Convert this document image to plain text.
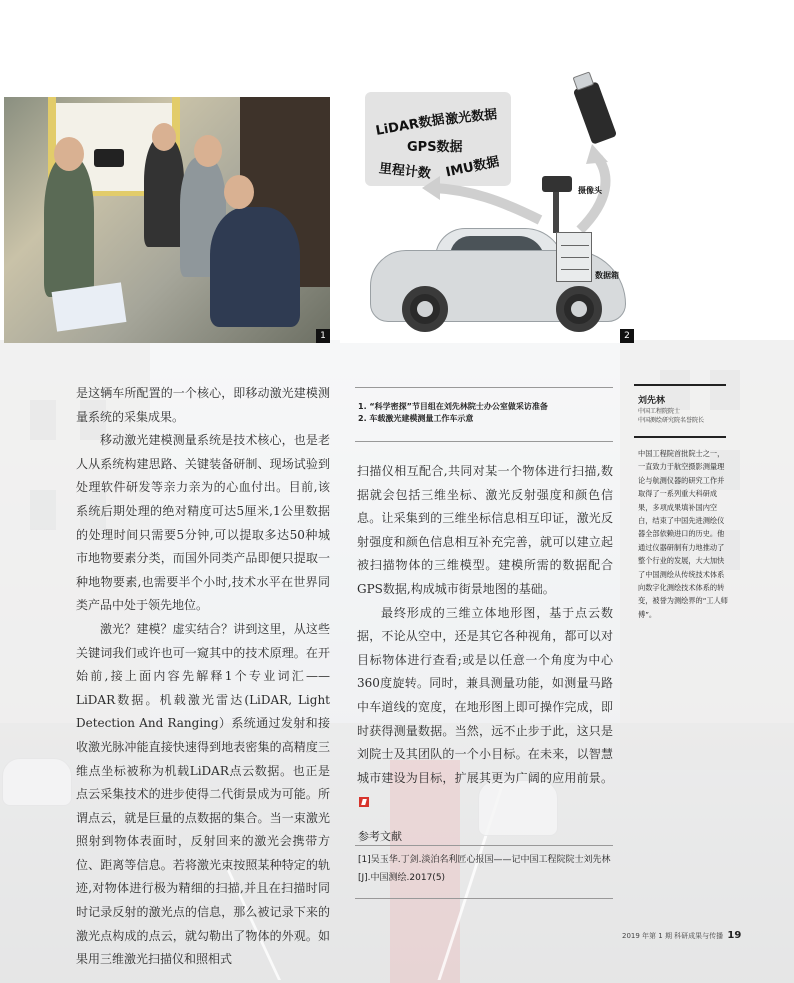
1
LiDAR数据
激光数据
GPS数据
里程计数 IMU数据
摄像头
数据箱
2
1. “科学密探”节目组在刘先林院士办公室做采访准备
2. 车载激光建模测量工作车示意

是这辆车所配置的一个核心，即移动激光建模测量系统的采集成果。

移动激光建模测量系统是技术核心，也是老人从系统构建思路、关键装备研制、现场试验到处理软件研发等亲力亲为的心血付出。目前,该系统后期处理的绝对精度可达5厘米,1公里数据的处理时间只需要5分钟,可以提取多达50种城市地物要素分类，而国外同类产品即便只提取一种地物要素,也需要半个小时,技术水平在世界同类产品中处于领先地位。

激光？建模？虚实结合？讲到这里，从这些关键词我们或许也可一窥其中的技术原理。在开始前,接上面内容先解释1个专业词汇——LiDAR数据。机载激光雷达(LiDAR, Light Detection And Ranging）系统通过发射和接收激光脉冲能直接快速得到地表密集的高精度三维点坐标被称为机载LiDAR点云数据。也正是点云采集技术的进步使得二代街景成为可能。所谓点云，就是巨量的点数据的集合。当一束激光照射到物体表面时，反射回来的激光会携带方位、距离等信息。若将激光束按照某种特定的轨迹,对物体进行极为精细的扫描,并且在扫描时同时记录反射的激光点的信息，那么被记录下来的激光点构成的点云，就勾勒出了物体的外观。如果用三维激光扫描仪和照相式

扫描仪相互配合,共同对某一个物体进行扫描,数据就会包括三维坐标、激光反射强度和颜色信息。让采集到的三维坐标信息相互印证，激光反射强度和颜色信息相互补充完善，就可以建立起被扫描物体的三维模型。建模所需的数据配合GPS数据,构成城市街景地图的基础。

最终形成的三维立体地形图，基于点云数据，不论从空中，还是其它各种视角，都可以对目标物体进行查看;或是以任意一个角度为中心360度旋转。同时，兼具测量功能，如测量马路中车道线的宽度，在地形图上即可操作完成，即时获得测量数据。当然，远不止步于此，这只是刘院士及其团队的一个小目标。在未来，以智慧城市建设为目标，扩展其更为广阔的应用前景。

参考文献
[1]吴玉华.丁剑.淡泊名利匠心报国——记中国工程院院士刘先林[J].中国测绘.2017(5)
刘先林
中国工程院院士
中国测绘研究院名誉院长
中国工程院首批院士之一，一直致力于航空摄影测量理论与航测仪器的研究工作并取得了一系列重大科研成果，多项成果填补国内空白，结束了中国先进测绘仪器全部依赖进口的历史。他通过仪器研制有力地推动了整个行业的发展，大大加快了中国测绘从传统技术体系向数字化测绘技术体系的转变，被誉为测绘界的“工人师傅”。
2019 年第 1 期 科研成果与传播 19
